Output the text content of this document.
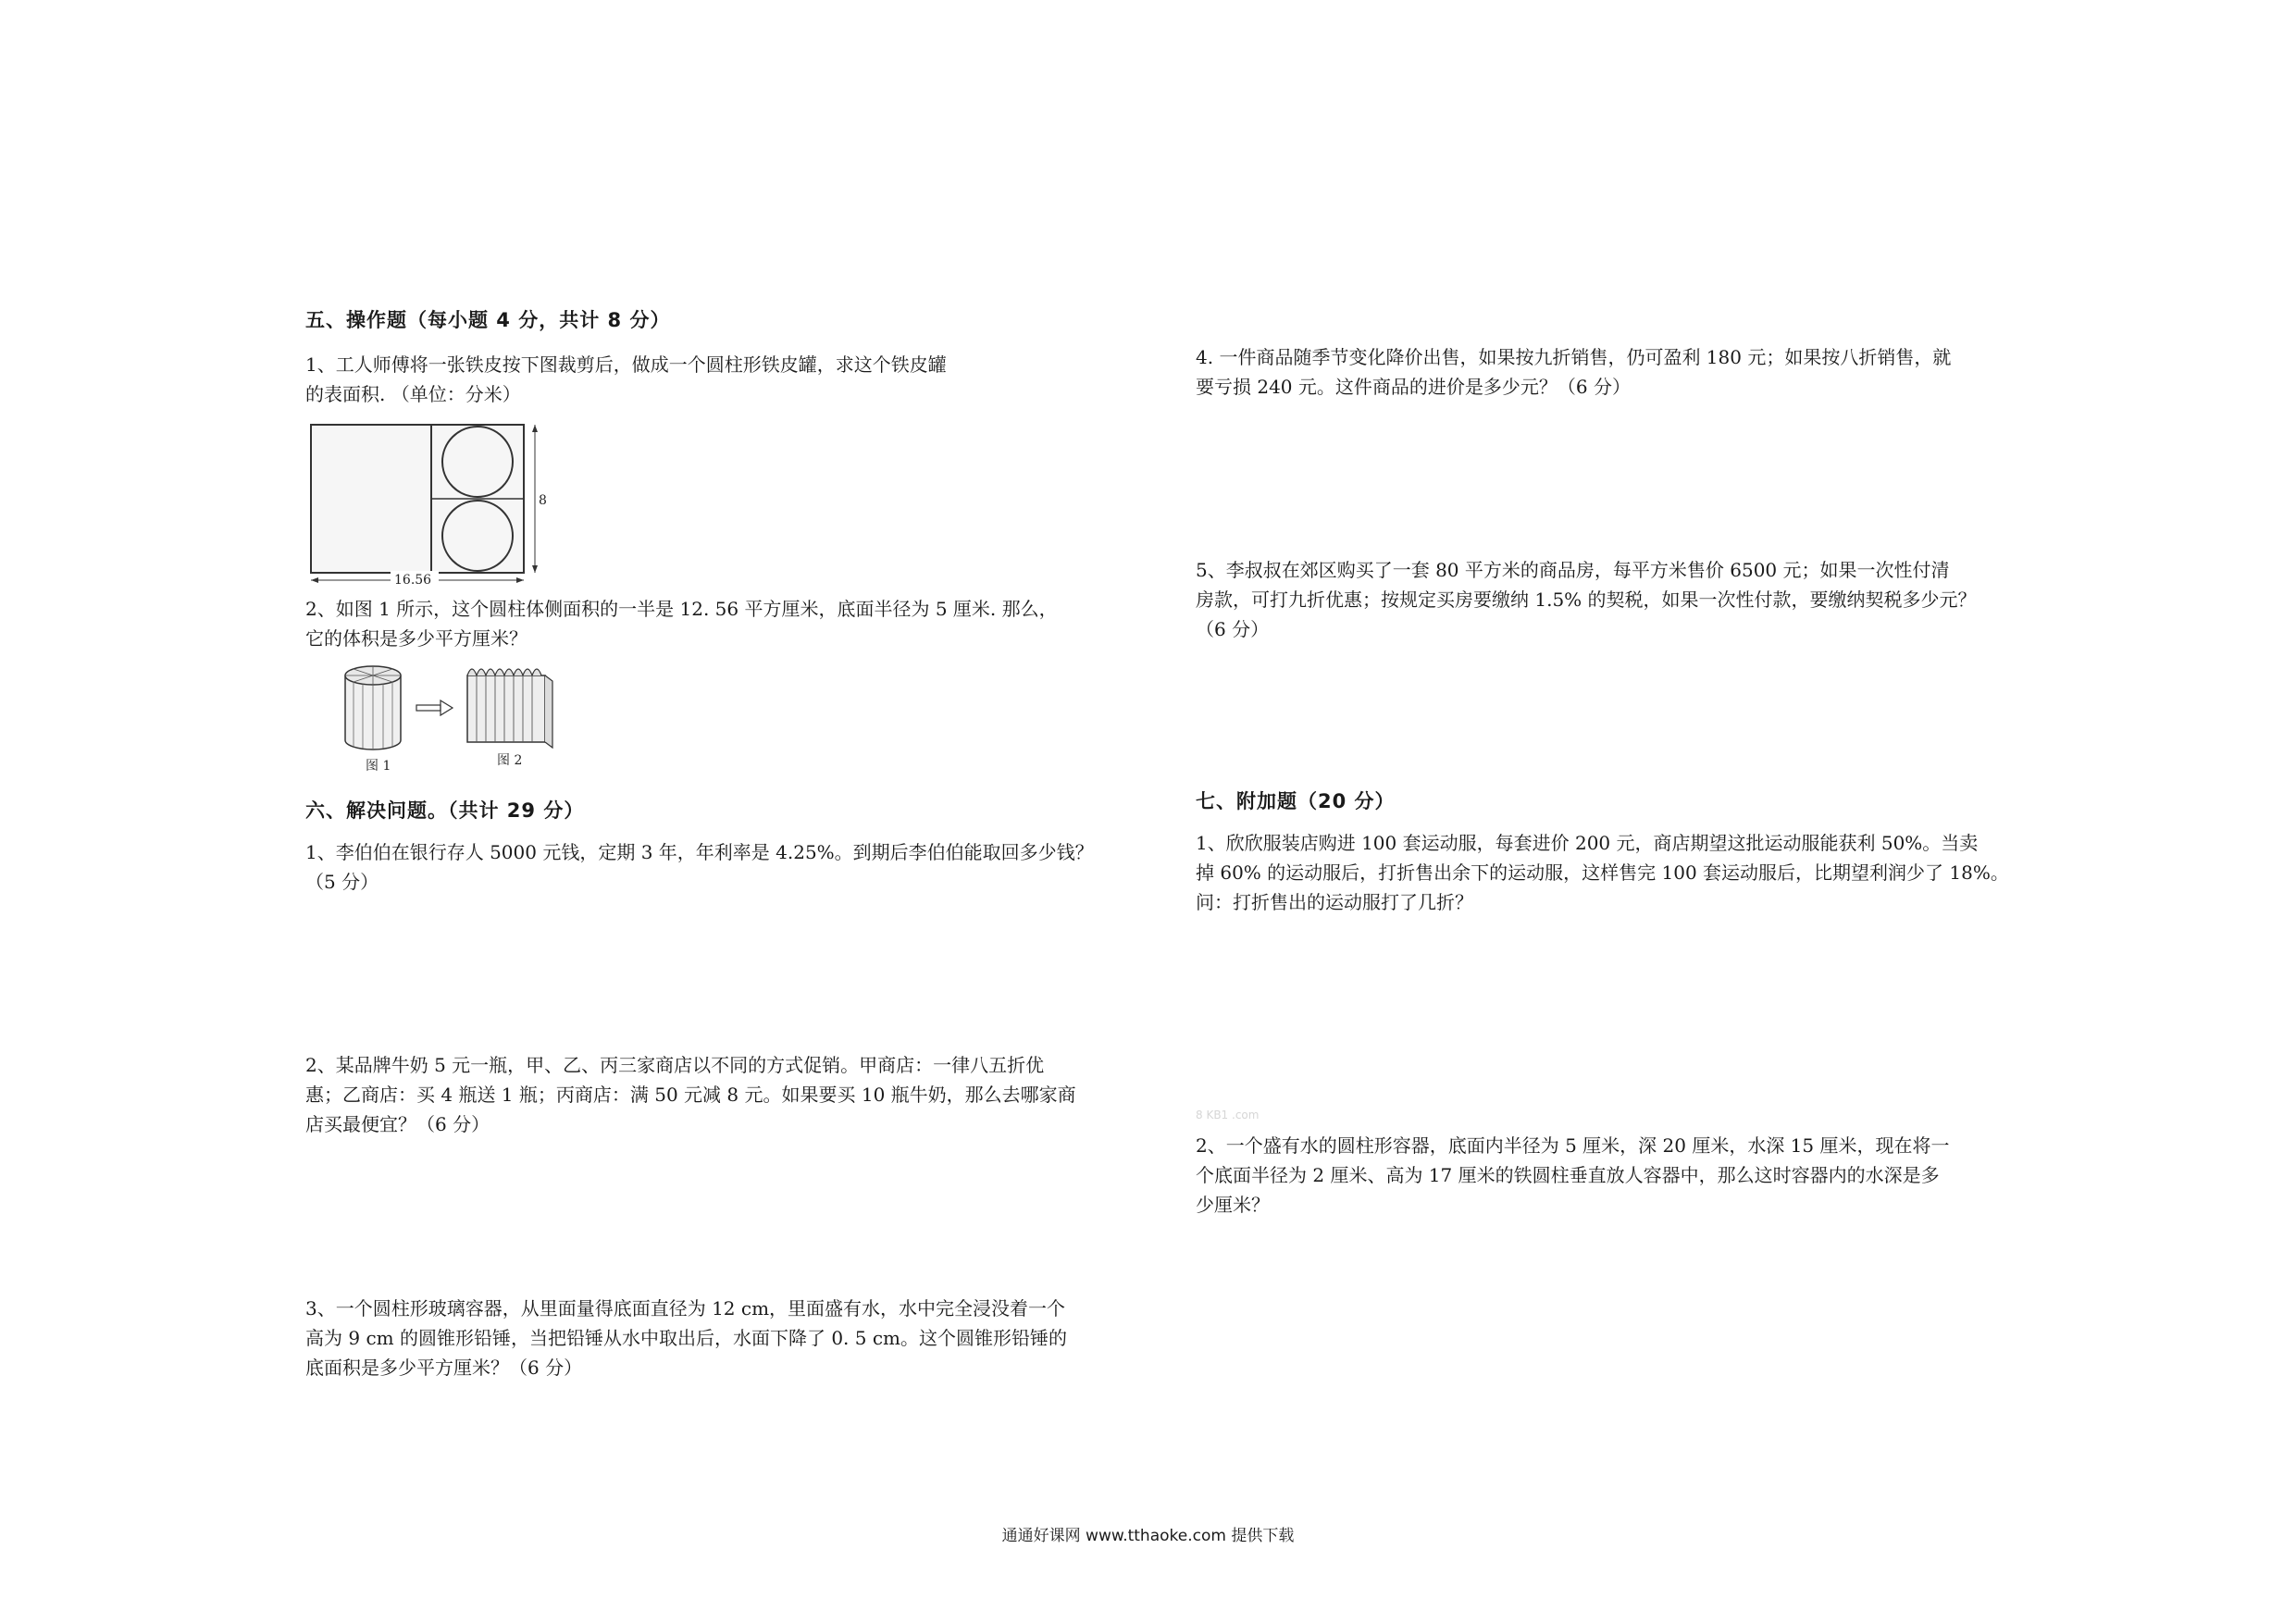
五、操作题（每小题 4 分，共计 8 分）

1、工人师傅将一张铁皮按下图裁剪后，做成一个圆柱形铁皮罐，求这个铁皮罐

的表面积. （单位：分米）

8
16.56

2、如图 1 所示，这个圆柱体侧面积的一半是 12. 56 平方厘米，底面半径为 5 厘米. 那么，

它的体积是多少平方厘米？

图 1	图 2
六、解决问题。（共计 29 分）

1、李伯伯在银行存人 5000 元钱，定期 3 年，年利率是 4.25%。到期后李伯伯能取回多少钱？

（5 分）

2、某品牌牛奶 5 元一瓶，甲、乙、丙三家商店以不同的方式促销。甲商店：一律八五折优

惠；乙商店：买 4 瓶送 1 瓶；丙商店：满 50 元减 8 元。如果要买 10 瓶牛奶，那么去哪家商

店买最便宜？（6 分）

3、一个圆柱形玻璃容器，从里面量得底面直径为 12 cm，里面盛有水，水中完全浸没着一个

高为 9 cm 的圆锥形铅锤，当把铅锤从水中取出后，水面下降了 0. 5 cm。这个圆锥形铅锤的

底面积是多少平方厘米？（6 分）

4. 一件商品随季节变化降价出售，如果按九折销售，仍可盈利 180 元；如果按八折销售，就

要亏损 240 元。这件商品的进价是多少元？（6 分）

5、李叔叔在郊区购买了一套 80 平方米的商品房，每平方米售价 6500 元；如果一次性付清

房款，可打九折优惠；按规定买房要缴纳 1.5% 的契税，如果一次性付款，要缴纳契税多少元？

（6 分）

七、附加题（20 分）

1、欣欣服装店购进 100 套运动服，每套进价 200 元，商店期望这批运动服能获利 50%。当卖

掉 60% 的运动服后，打折售出余下的运动服，这样售完 100 套运动服后，比期望利润少了 18%。

问：打折售出的运动服打了几折？

8 KB1 .com

2、一个盛有水的圆柱形容器，底面内半径为 5 厘米，深 20 厘米，水深 15 厘米，现在将一

个底面半径为 2 厘米、高为 17 厘米的铁圆柱垂直放人容器中，那么这时容器内的水深是多

少厘米？

通通好课网 www.tthaoke.com 提供下载
